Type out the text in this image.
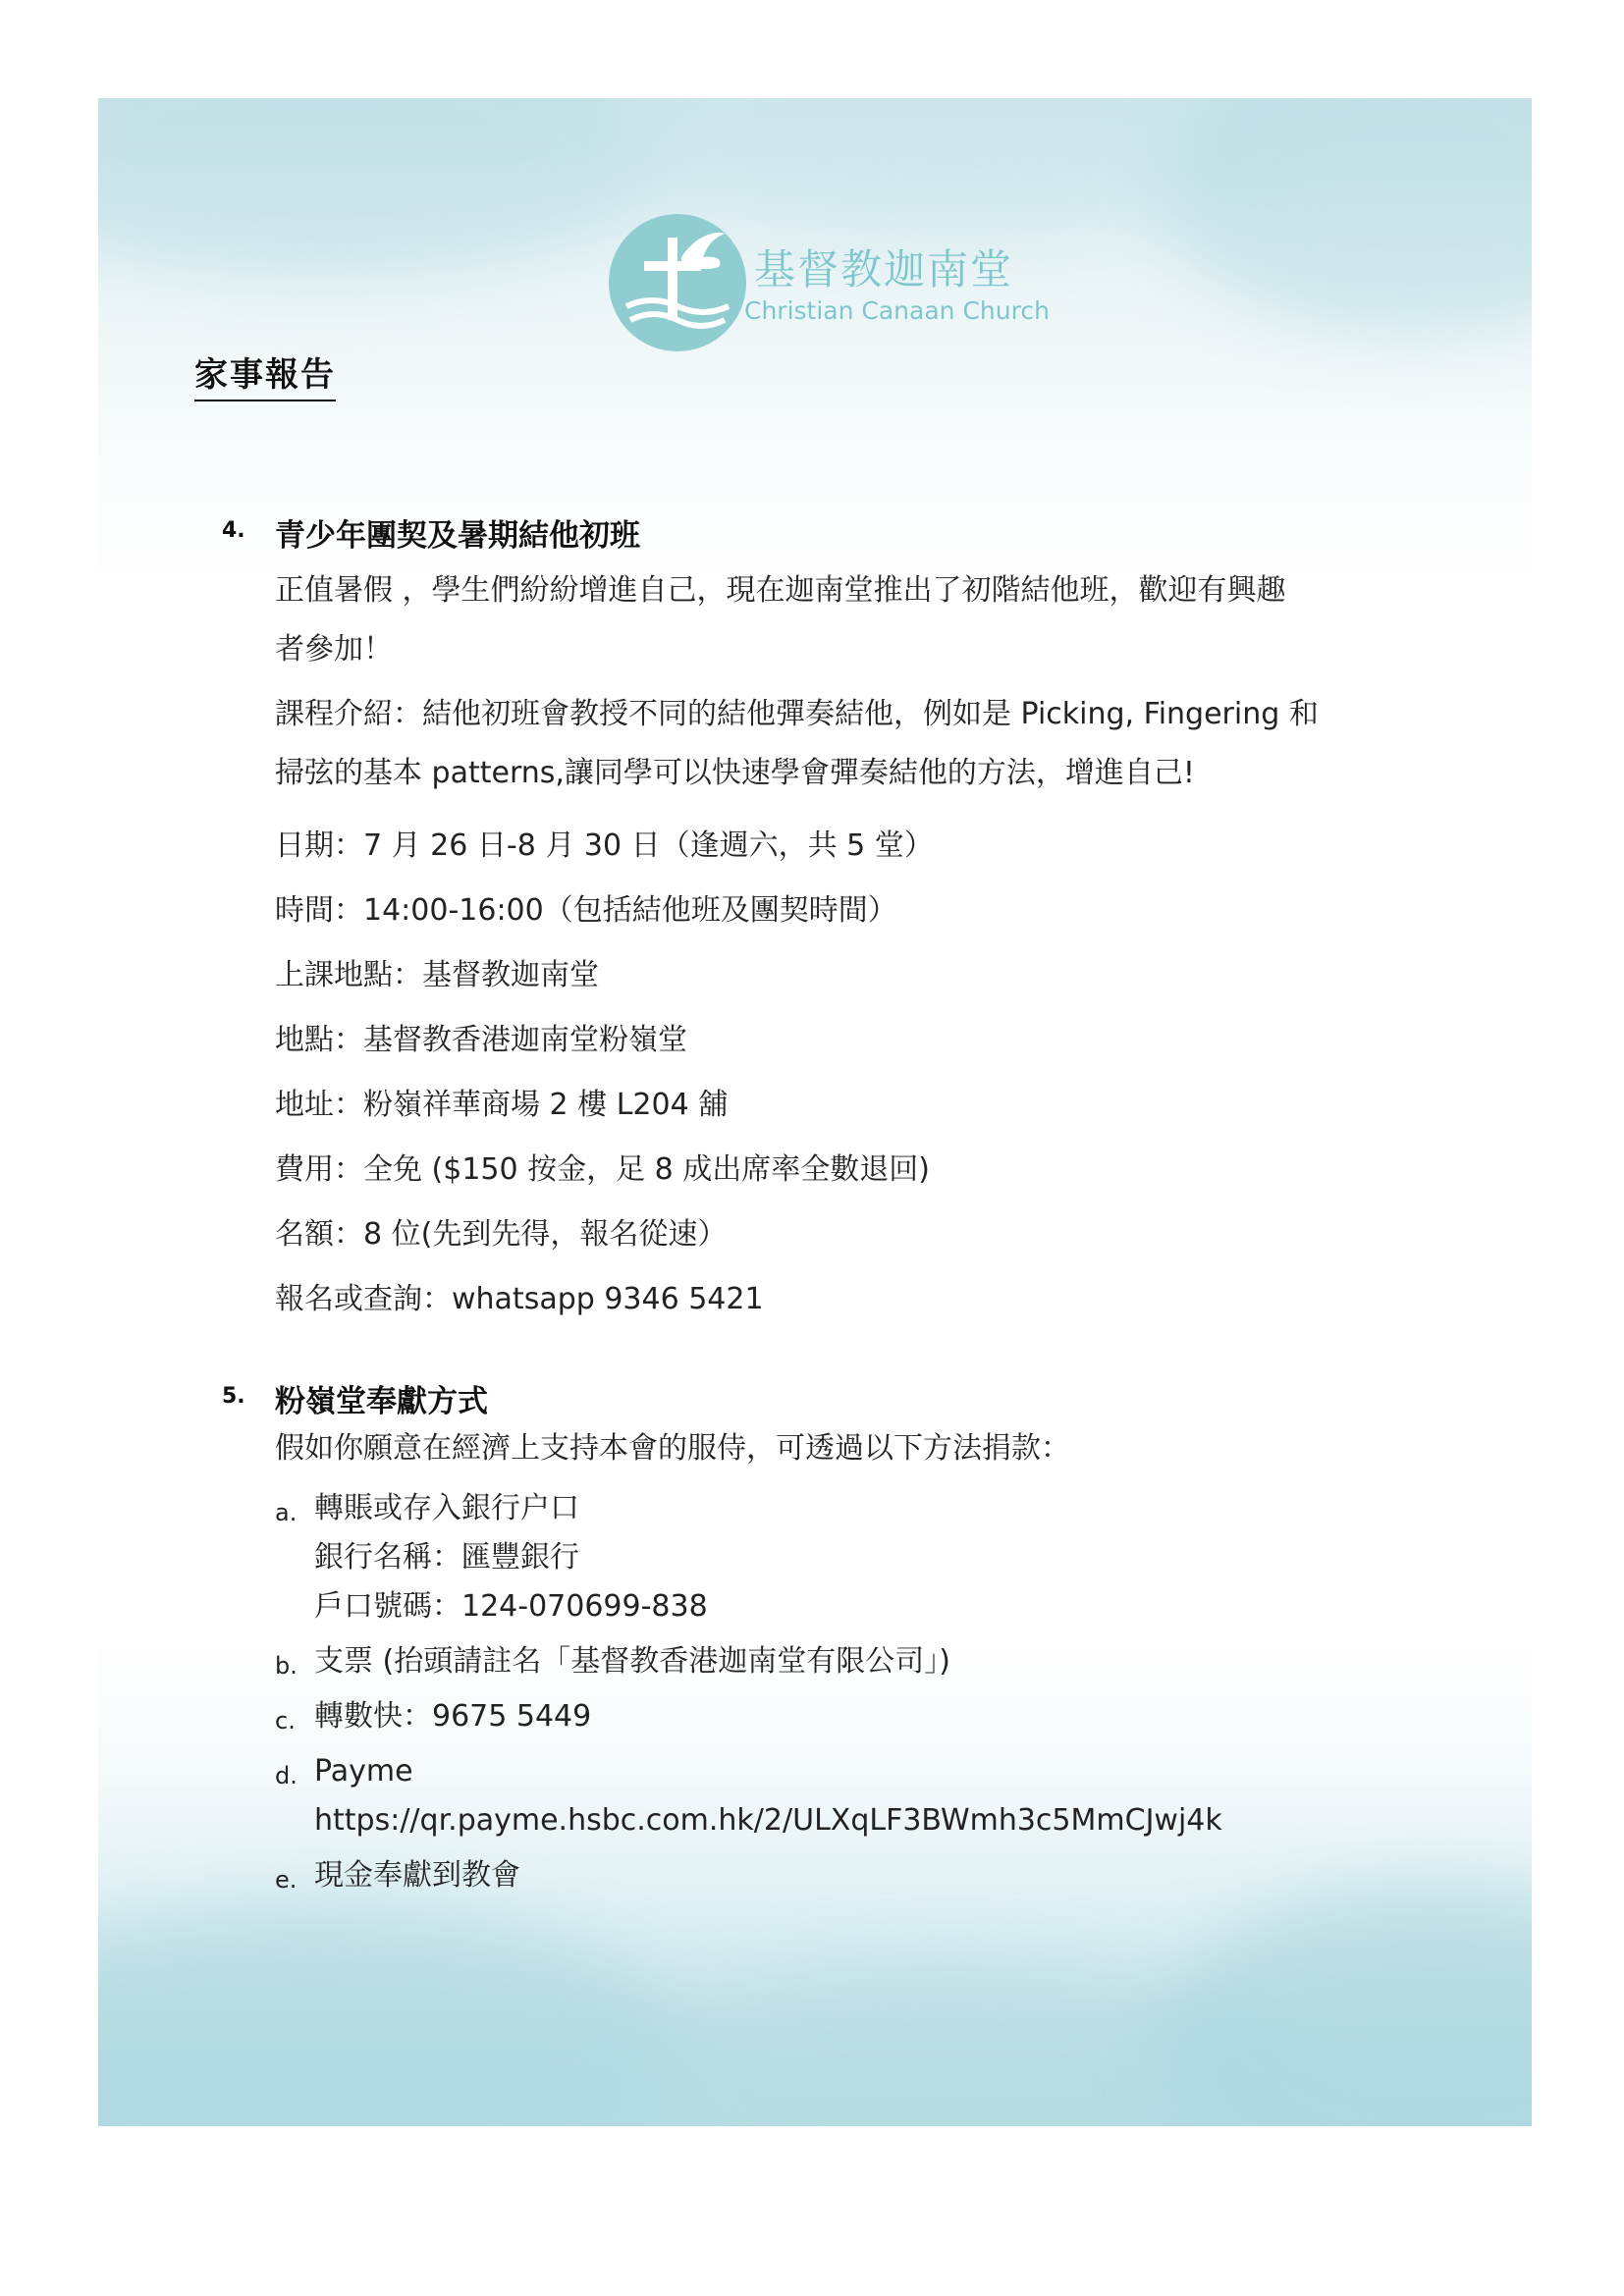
基督教迦南堂
Christian Canaan Church
家事報告
4. 青少年團契及暑期結他初班
正值暑假 ，學生們紛紛增進自己，現在迦南堂推出了初階結他班，歡迎有興趣
者參加！
課程介紹：結他初班會教授不同的結他彈奏結他，例如是 Picking, Fingering 和
掃弦的基本 patterns,讓同學可以快速學會彈奏結他的方法，增進自己!
日期：7 月 26 日-8 月 30 日（逢週六，共 5 堂）
時間：14:00-16:00（包括結他班及團契時間）
上課地點：基督教迦南堂
地點：基督教香港迦南堂粉嶺堂
地址：粉嶺祥華商場 2 樓 L204 舖
費用：全免 ($150 按金，足 8 成出席率全數退回)
名額：8 位(先到先得，報名從速）
報名或查詢：whatsapp 9346 5421
5. 粉嶺堂奉獻方式
假如你願意在經濟上支持本會的服侍，可透過以下方法捐款：
a. 轉賬或存入銀行户口
銀行名稱：匯豐銀行
戶口號碼：124-070699-838
b. 支票 (抬頭請註名「基督教香港迦南堂有限公司」)
c. 轉數快：9675 5449
d. Payme
https://qr.payme.hsbc.com.hk/2/ULXqLF3BWmh3c5MmCJwj4k
e. 現金奉獻到教會
